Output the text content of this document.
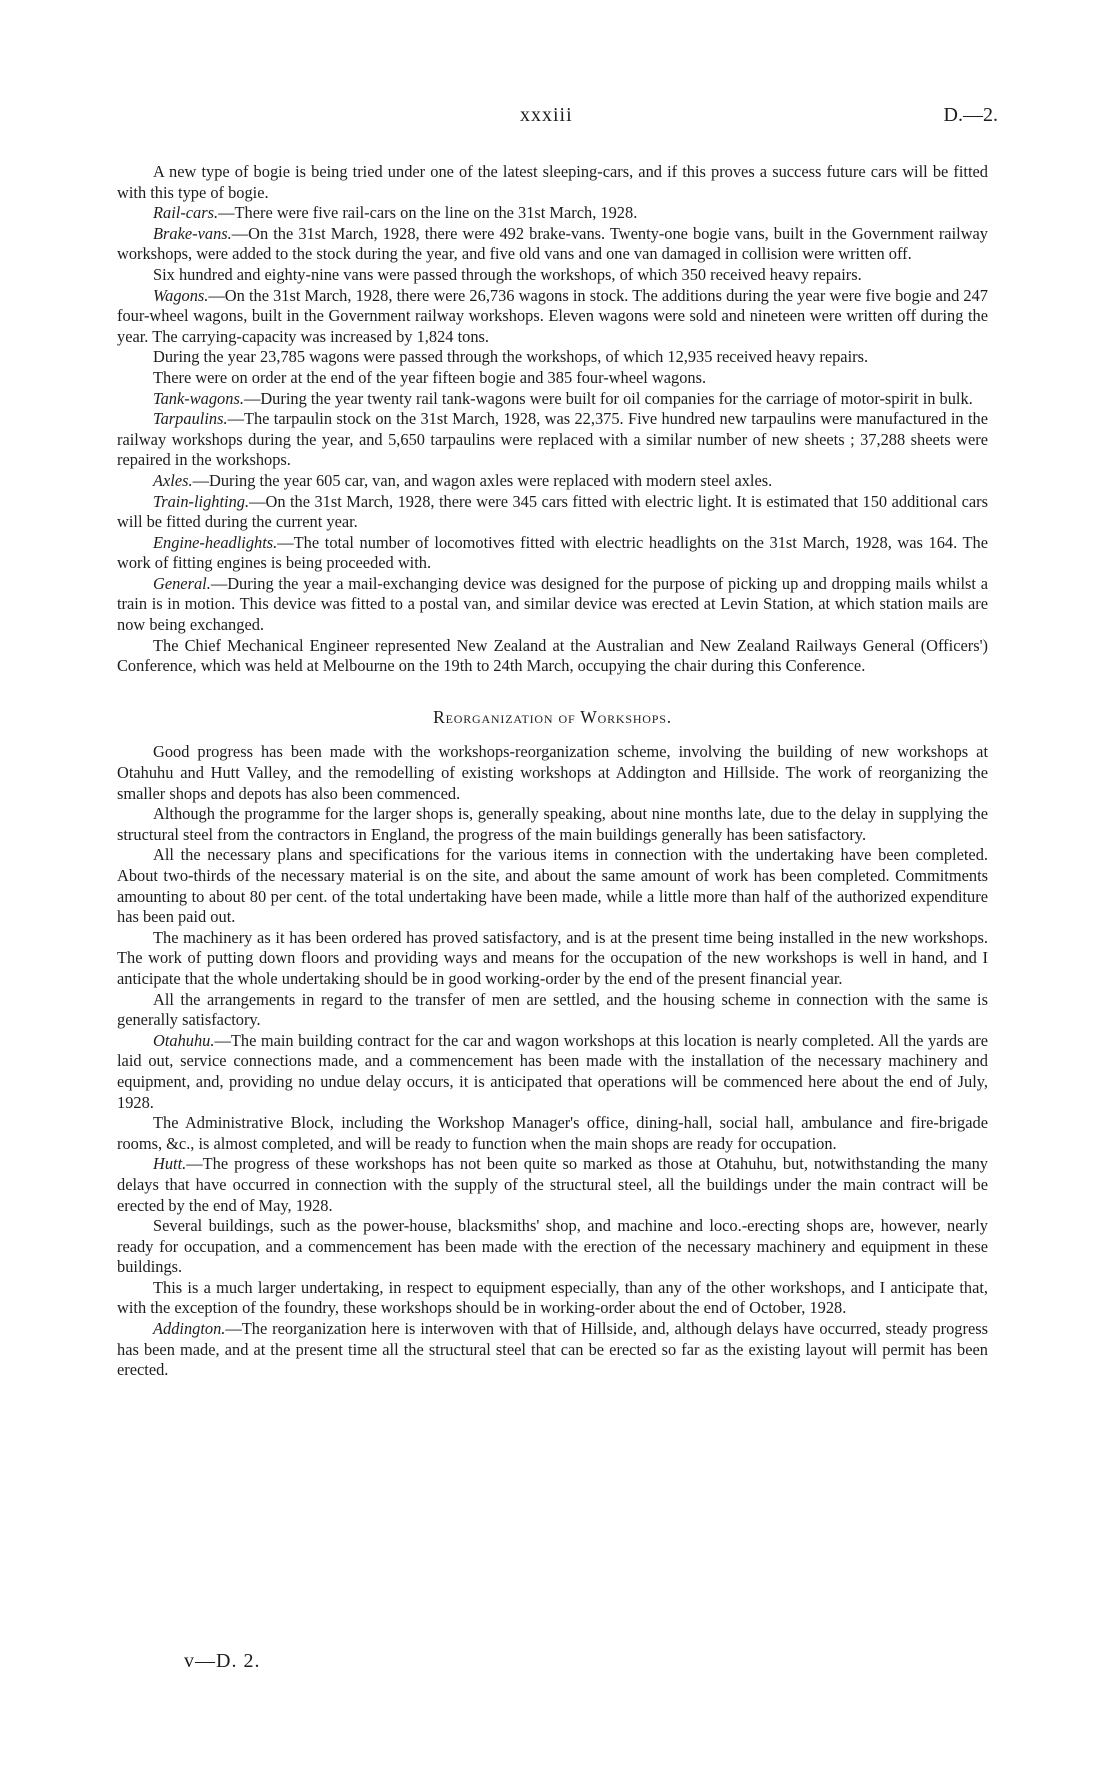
xxxiii	D.—2.

A new type of bogie is being tried under one of the latest sleeping-cars, and if this proves a success future cars will be fitted with this type of bogie.

Rail-cars.—There were five rail-cars on the line on the 31st March, 1928.

Brake-vans.—On the 31st March, 1928, there were 492 brake-vans. Twenty-one bogie vans, built in the Government railway workshops, were added to the stock during the year, and five old vans and one van damaged in collision were written off.

Six hundred and eighty-nine vans were passed through the workshops, of which 350 received heavy repairs.

Wagons.—On the 31st March, 1928, there were 26,736 wagons in stock. The additions during the year were five bogie and 247 four-wheel wagons, built in the Government railway workshops. Eleven wagons were sold and nineteen were written off during the year. The carrying-capacity was increased by 1,824 tons.

During the year 23,785 wagons were passed through the workshops, of which 12,935 received heavy repairs.

There were on order at the end of the year fifteen bogie and 385 four-wheel wagons.

Tank-wagons.—During the year twenty rail tank-wagons were built for oil companies for the carriage of motor-spirit in bulk.

Tarpaulins.—The tarpaulin stock on the 31st March, 1928, was 22,375. Five hundred new tarpaulins were manufactured in the railway workshops during the year, and 5,650 tarpaulins were replaced with a similar number of new sheets ; 37,288 sheets were repaired in the workshops.

Axles.—During the year 605 car, van, and wagon axles were replaced with modern steel axles.

Train-lighting.—On the 31st March, 1928, there were 345 cars fitted with electric light. It is estimated that 150 additional cars will be fitted during the current year.

Engine-headlights.—The total number of locomotives fitted with electric headlights on the 31st March, 1928, was 164. The work of fitting engines is being proceeded with.

General.—During the year a mail-exchanging device was designed for the purpose of picking up and dropping mails whilst a train is in motion. This device was fitted to a postal van, and similar device was erected at Levin Station, at which station mails are now being exchanged.

The Chief Mechanical Engineer represented New Zealand at the Australian and New Zealand Railways General (Officers') Conference, which was held at Melbourne on the 19th to 24th March, occupying the chair during this Conference.

Reorganization of Workshops.

Good progress has been made with the workshops-reorganization scheme, involving the building of new workshops at Otahuhu and Hutt Valley, and the remodelling of existing workshops at Addington and Hillside. The work of reorganizing the smaller shops and depots has also been commenced.

Although the programme for the larger shops is, generally speaking, about nine months late, due to the delay in supplying the structural steel from the contractors in England, the progress of the main buildings generally has been satisfactory.

All the necessary plans and specifications for the various items in connection with the undertaking have been completed. About two-thirds of the necessary material is on the site, and about the same amount of work has been completed. Commitments amounting to about 80 per cent. of the total undertaking have been made, while a little more than half of the authorized expenditure has been paid out.

The machinery as it has been ordered has proved satisfactory, and is at the present time being installed in the new workshops. The work of putting down floors and providing ways and means for the occupation of the new workshops is well in hand, and I anticipate that the whole undertaking should be in good working-order by the end of the present financial year.

All the arrangements in regard to the transfer of men are settled, and the housing scheme in connection with the same is generally satisfactory.

Otahuhu.—The main building contract for the car and wagon workshops at this location is nearly completed. All the yards are laid out, service connections made, and a commencement has been made with the installation of the necessary machinery and equipment, and, providing no undue delay occurs, it is anticipated that operations will be commenced here about the end of July, 1928.

The Administrative Block, including the Workshop Manager's office, dining-hall, social hall, ambulance and fire-brigade rooms, &c., is almost completed, and will be ready to function when the main shops are ready for occupation.

Hutt.—The progress of these workshops has not been quite so marked as those at Otahuhu, but, notwithstanding the many delays that have occurred in connection with the supply of the structural steel, all the buildings under the main contract will be erected by the end of May, 1928.

Several buildings, such as the power-house, blacksmiths' shop, and machine and loco.-erecting shops are, however, nearly ready for occupation, and a commencement has been made with the erection of the necessary machinery and equipment in these buildings.

This is a much larger undertaking, in respect to equipment especially, than any of the other workshops, and I anticipate that, with the exception of the foundry, these workshops should be in working-order about the end of October, 1928.

Addington.—The reorganization here is interwoven with that of Hillside, and, although delays have occurred, steady progress has been made, and at the present time all the structural steel that can be erected so far as the existing layout will permit has been erected.

v—D. 2.
